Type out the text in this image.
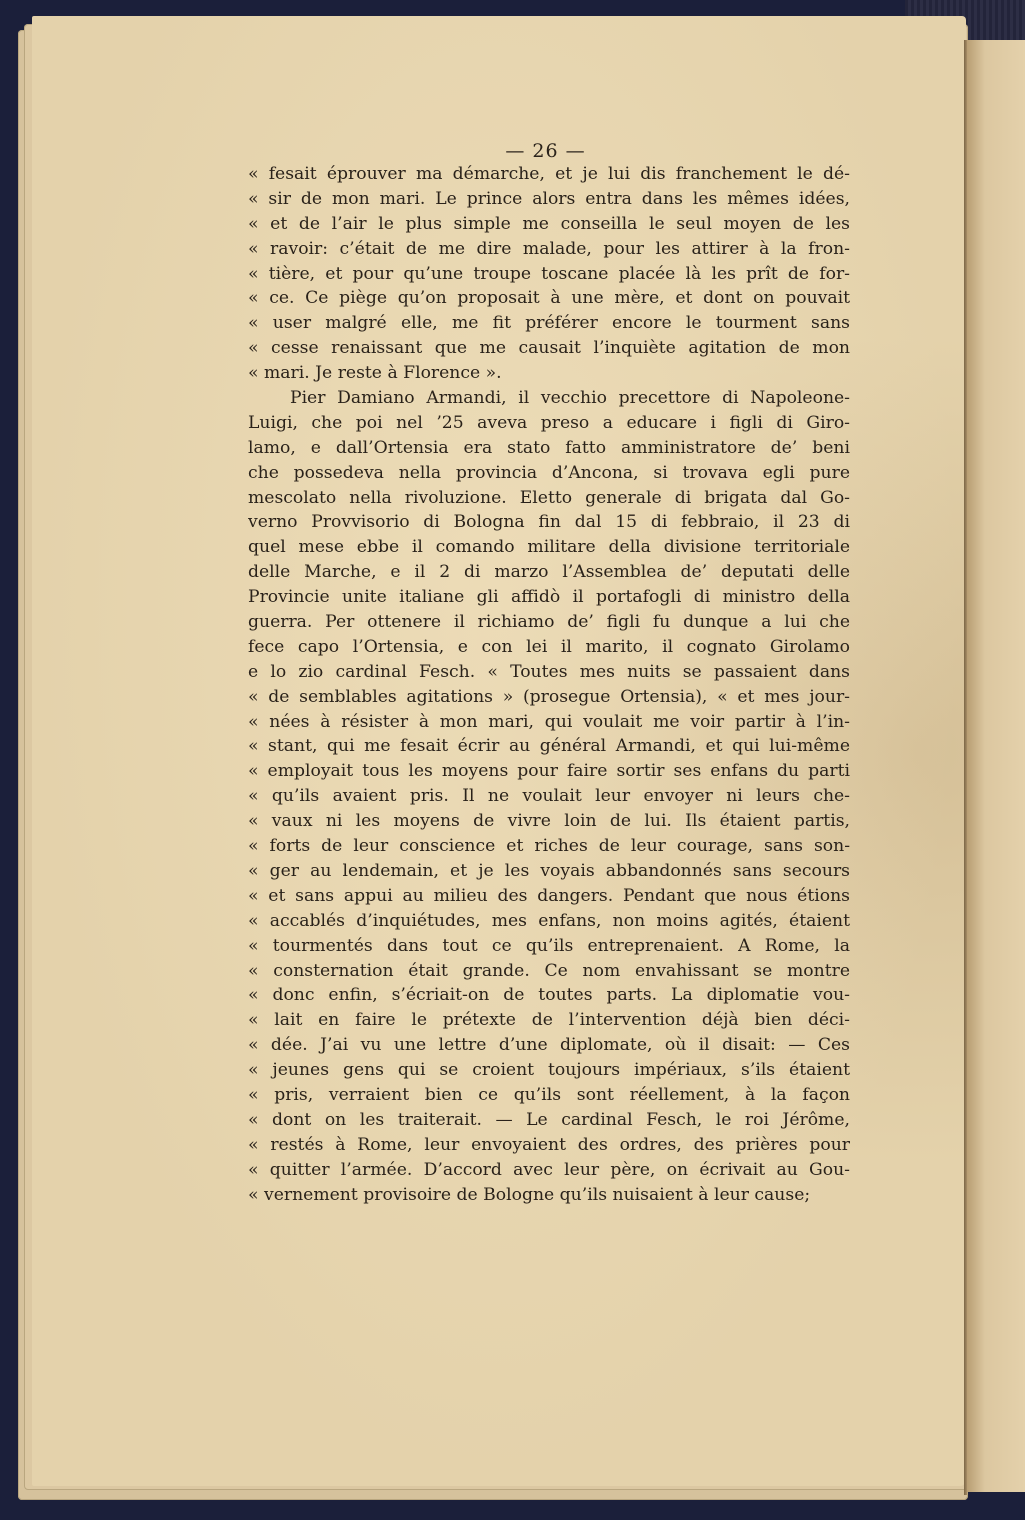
— 26 —
« fesait éprouver ma démarche, et je lui dis franchement le dé-
« sir de mon mari. Le prince alors entra dans les mêmes idées,
« et de l’air le plus simple me conseilla le seul moyen de les
« ravoir: c’était de me dire malade, pour les attirer à la fron-
« tière, et pour qu’une troupe toscane placée là les prît de for-
« ce. Ce piège qu’on proposait à une mère, et dont on pouvait
« user malgré elle, me fit préférer encore le tourment sans
« cesse renaissant que me causait l’inquiète agitation de mon
« mari. Je reste à Florence ».
Pier Damiano Armandi, il vecchio precettore di Napoleone-
Luigi, che poi nel ’25 aveva preso a educare i figli di Giro-
lamo, e dall’Ortensia era stato fatto amministratore de’ beni
che possedeva nella provincia d’Ancona, si trovava egli pure
mescolato nella rivoluzione. Eletto generale di brigata dal Go-
verno Provvisorio di Bologna fin dal 15 di febbraio, il 23 di
quel mese ebbe il comando militare della divisione territoriale
delle Marche, e il 2 di marzo l’Assemblea de’ deputati delle
Provincie unite italiane gli affidò il portafogli di ministro della
guerra. Per ottenere il richiamo de’ figli fu dunque a lui che
fece capo l’Ortensia, e con lei il marito, il cognato Girolamo
e lo zio cardinal Fesch. « Toutes mes nuits se passaient dans
« de semblables agitations » (prosegue Ortensia), « et mes jour-
« nées à résister à mon mari, qui voulait me voir partir à l’in-
« stant, qui me fesait écrir au général Armandi, et qui lui-même
« employait tous les moyens pour faire sortir ses enfans du parti
« qu’ils avaient pris. Il ne voulait leur envoyer ni leurs che-
« vaux ni les moyens de vivre loin de lui. Ils étaient partis,
« forts de leur conscience et riches de leur courage, sans son-
« ger au lendemain, et je les voyais abbandonnés sans secours
« et sans appui au milieu des dangers. Pendant que nous étions
« accablés d’inquiétudes, mes enfans, non moins agités, étaient
« tourmentés dans tout ce qu’ils entreprenaient. A Rome, la
« consternation était grande. Ce nom envahissant se montre
« donc enfin, s’écriait-on de toutes parts. La diplomatie vou-
« lait en faire le prétexte de l’intervention déjà bien déci-
« dée. J’ai vu une lettre d’une diplomate, où il disait: — Ces
« jeunes gens qui se croient toujours impériaux, s’ils étaient
« pris, verraient bien ce qu’ils sont réellement, à la façon
« dont on les traiterait. — Le cardinal Fesch, le roi Jérôme,
« restés à Rome, leur envoyaient des ordres, des prières pour
« quitter l’armée. D’accord avec leur père, on écrivait au Gou-
« vernement provisoire de Bologne qu’ils nuisaient à leur cause;
